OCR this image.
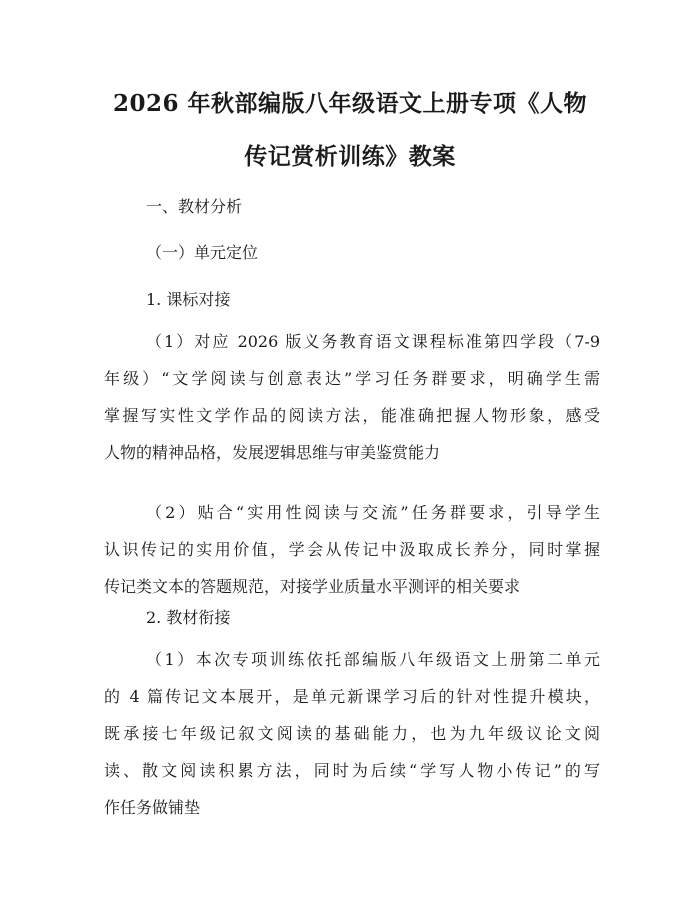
2026 年秋部编版八年级语文上册专项《人物
传记赏析训练》教案
一、教材分析
（一）单元定位
1. 课标对接
（1）对应 2026 版义务教育语文课程标准第四学段（7-9
年级）“文学阅读与创意表达”学习任务群要求，明确学生需
掌握写实性文学作品的阅读方法，能准确把握人物形象，感受
人物的精神品格，发展逻辑思维与审美鉴赏能力
（2）贴合“实用性阅读与交流”任务群要求，引导学生
认识传记的实用价值，学会从传记中汲取成长养分，同时掌握
传记类文本的答题规范，对接学业质量水平测评的相关要求
2. 教材衔接
（1）本次专项训练依托部编版八年级语文上册第二单元
的 4 篇传记文本展开，是单元新课学习后的针对性提升模块，
既承接七年级记叙文阅读的基础能力，也为九年级议论文阅
读、散文阅读积累方法，同时为后续“学写人物小传记”的写
作任务做铺垫
